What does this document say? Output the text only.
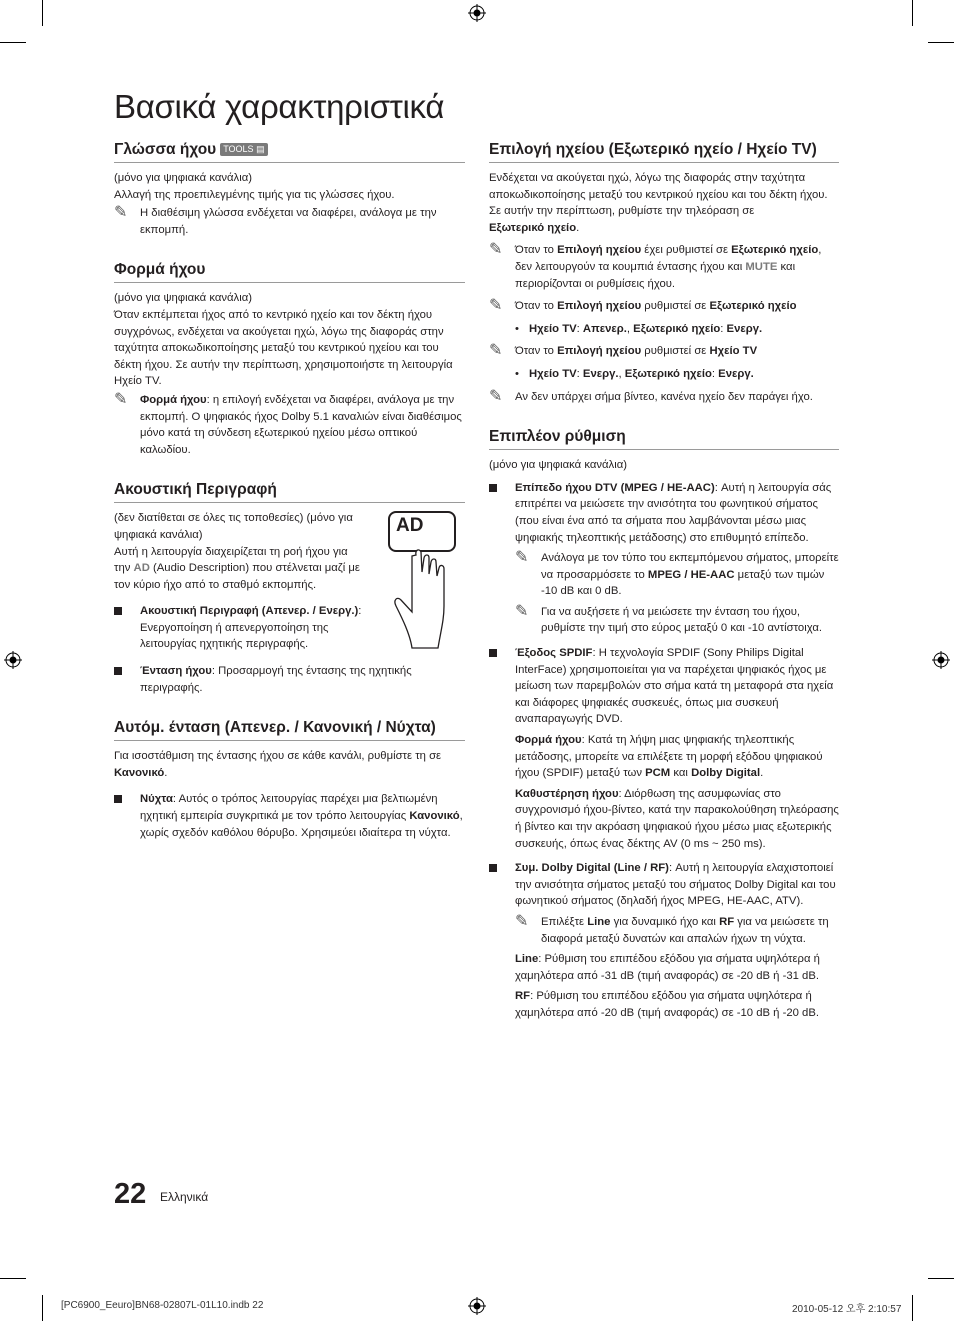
Βασικά χαρακτηριστικά
Γλώσσα ήχου TOOLS ▤

(μόνο για ψηφιακά κανάλια)

Αλλαγή της προεπιλεγμένης τιμής για τις γλώσσες ήχου.

✎ Η διαθέσιμη γλώσσα ενδέχεται να διαφέρει, ανάλογα με την εκπομπή.
Φορμά ήχου

(μόνο για ψηφιακά κανάλια)

Όταν εκπέμπεται ήχος από το κεντρικό ηχείο και τον δέκτη ήχου συγχρόνως, ενδέχεται να ακούγεται ηχώ, λόγω της διαφοράς στην ταχύτητα αποκωδικοποίησης μεταξύ του κεντρικού ηχείου και του δέκτη ήχου. Σε αυτήν την περίπτωση, χρησιμοποιήστε τη λειτουργία Ηχείο TV.

✎ Φορμά ήχου: η επιλογή ενδέχεται να διαφέρει, ανάλογα με την εκπομπή. Ο ψηφιακός ήχος Dolby 5.1 καναλιών είναι διαθέσιμος μόνο κατά τη σύνδεση εξωτερικού ηχείου μέσω οπτικού καλωδίου.
Ακουστική Περιγραφή

(δεν διατίθεται σε όλες τις τοποθεσίες) (μόνο για ψηφιακά κανάλια)

Αυτή η λειτουργία διαχειρίζεται τη ροή ήχου για την AD (Audio Description) που στέλνεται μαζί με τον κύριο ήχο από το σταθμό εκπομπής.

AD
Ακουστική Περιγραφή (Απενερ. / Ενεργ.): Ενεργοποίηση ή απενεργοποίηση της λειτουργίας ηχητικής περιγραφής.
Ένταση ήχου: Προσαρμογή της έντασης της ηχητικής περιγραφής.
Αυτόμ. ένταση (Απενερ. / Κανονική / Νύχτα)

Για ισοστάθμιση της έντασης ήχου σε κάθε κανάλι, ρυθμίστε τη σε Κανονικό.

Νύχτα: Αυτός ο τρόπος λειτουργίας παρέχει μια βελτιωμένη ηχητική εμπειρία συγκριτικά με τον τρόπο λειτουργίας Κανονικό, χωρίς σχεδόν καθόλου θόρυβο. Χρησιμεύει ιδιαίτερα τη νύχτα.
Επιλογή ηχείου (Εξωτερικό ηχείο / Ηχείο TV)

Ενδέχεται να ακούγεται ηχώ, λόγω της διαφοράς στην ταχύτητα αποκωδικοποίησης μεταξύ του κεντρικού ηχείου και του δέκτη ήχου. Σε αυτήν την περίπτωση, ρυθμίστε την τηλεόραση σε
Εξωτερικό ηχείο.

✎ Όταν το Επιλογή ηχείου έχει ρυθμιστεί σε Εξωτερικό ηχείο, δεν λειτουργούν τα κουμπιά έντασης ήχου και MUTE και περιορίζονται οι ρυθμίσεις ήχου.
✎ Όταν το Επιλογή ηχείου ρυθμιστεί σε Εξωτερικό ηχείο
• Ηχείο TV: Απενερ., Εξωτερικό ηχείο: Ενεργ.
✎ Όταν το Επιλογή ηχείου ρυθμιστεί σε Ηχείο TV
• Ηχείο TV: Ενεργ., Εξωτερικό ηχείο: Ενεργ.
✎ Αν δεν υπάρχει σήμα βίντεο, κανένα ηχείο δεν παράγει ήχο.
Επιπλέον ρύθμιση

(μόνο για ψηφιακά κανάλια)

Επίπεδο ήχου DTV (MPEG / HE-AAC): Αυτή η λειτουργία σάς επιτρέπει να μειώσετε την ανισότητα του φωνητικού σήματος (που είναι ένα από τα σήματα που λαμβάνονται μέσω μιας ψηφιακής τηλεοπτικής μετάδοσης) στο επιθυμητό επίπεδο.
✎ Ανάλογα με τον τύπο του εκπεμπόμενου σήματος, μπορείτε να προσαρμόσετε το MPEG / HE-AAC μεταξύ των τιμών -10 dB και 0 dB.
✎ Για να αυξήσετε ή να μειώσετε την ένταση του ήχου, ρυθμίστε την τιμή στο εύρος μεταξύ 0 και -10 αντίστοιχα.
Έξοδος SPDIF: Η τεχνολογία SPDIF (Sony Philips Digital InterFace) χρησιμοποιείται για να παρέχεται ψηφιακός ήχος με μείωση των παρεμβολών στο σήμα κατά τη μεταφορά στα ηχεία και διάφορες ψηφιακές συσκευές, όπως μια συσκευή αναπαραγωγής DVD.

Φορμά ήχου: Κατά τη λήψη μιας ψηφιακής τηλεοπτικής μετάδοσης, μπορείτε να επιλέξετε τη μορφή εξόδου ψηφιακού ήχου (SPDIF) μεταξύ των PCM και Dolby Digital.

Καθυστέρηση ήχου: Διόρθωση της ασυμφωνίας στο συγχρονισμό ήχου-βίντεο, κατά την παρακολούθηση τηλεόρασης ή βίντεο και την ακρόαση ψηφιακού ήχου μέσω μιας εξωτερικής συσκευής, όπως ένας δέκτης AV (0 ms ~ 250 ms).

Συμ. Dolby Digital (Line / RF): Αυτή η λειτουργία ελαχιστοποιεί την ανισότητα σήματος μεταξύ του σήματος Dolby Digital και του φωνητικού σήματος (δηλαδή ήχος MPEG, HE-AAC, ATV).
✎ Επιλέξτε Line για δυναμικό ήχο και RF για να μειώσετε τη διαφορά μεταξύ δυνατών και απαλών ήχων τη νύχτα.

Line: Ρύθμιση του επιπέδου εξόδου για σήματα υψηλότερα ή χαμηλότερα από -31 dB (τιμή αναφοράς) σε -20 dB ή -31 dB.

RF: Ρύθμιση του επιπέδου εξόδου για σήματα υψηλότερα ή χαμηλότερα από -20 dB (τιμή αναφοράς) σε -10 dB ή -20 dB.

22 Ελληνικά
[PC6900_Eeuro]BN68-02807L-01L10.indb 22	2010-05-12 오후 2:10:57
